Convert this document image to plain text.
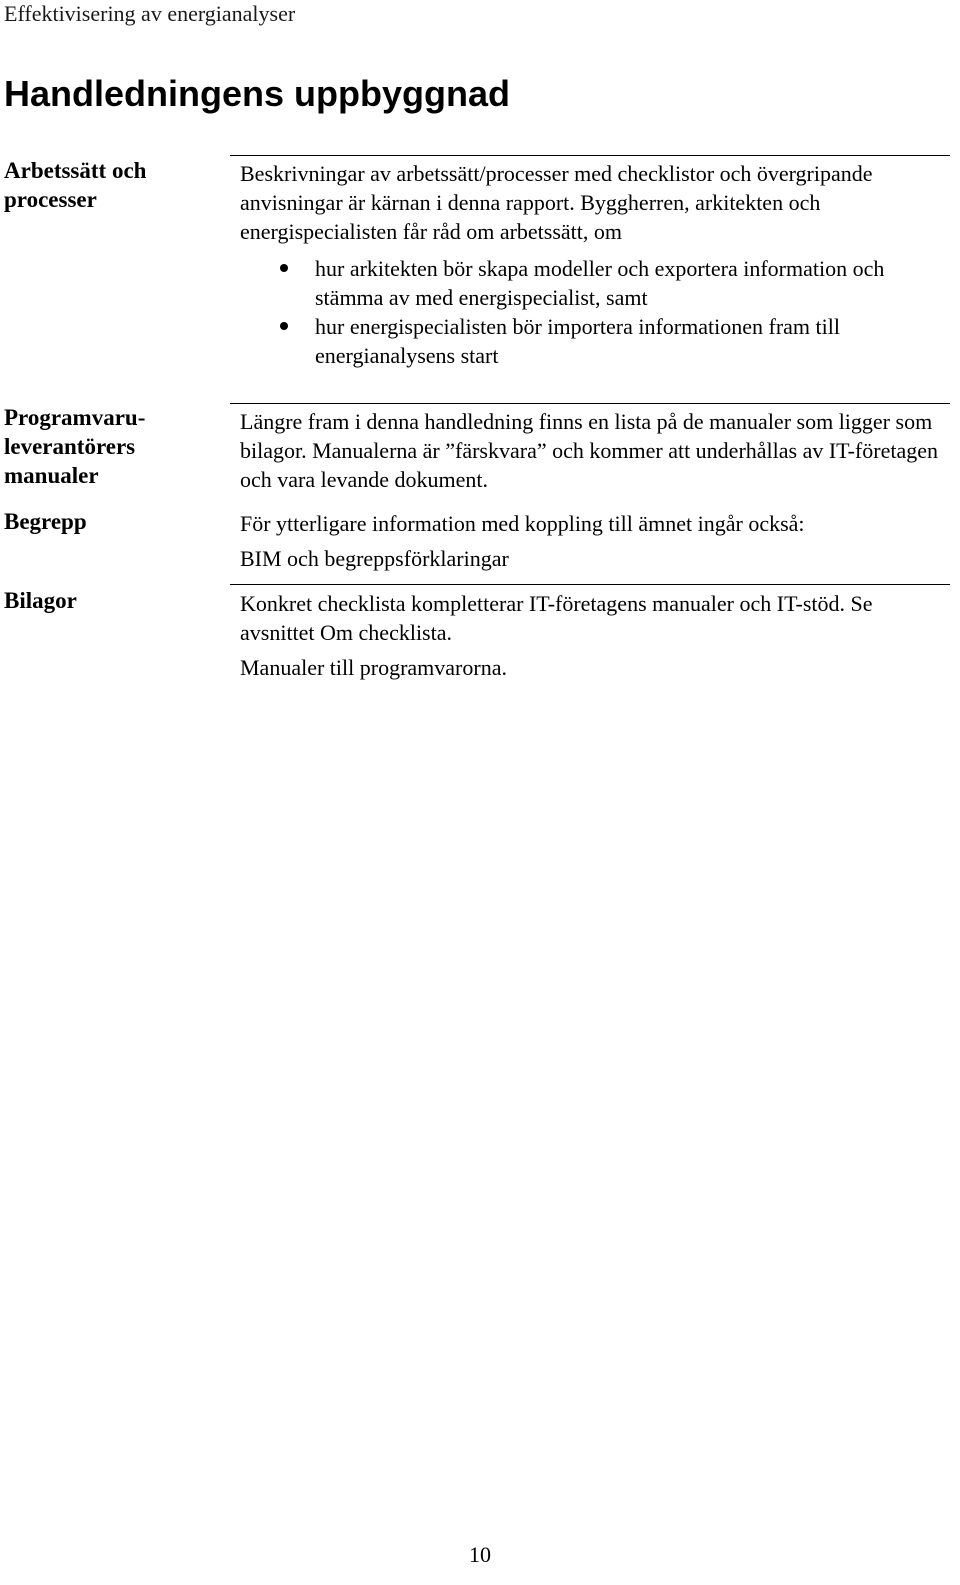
Effektivisering av energianalyser
Handledningens uppbyggnad
Arbetssätt och
processer

Beskrivningar av arbetssätt/processer med checklistor och övergripande anvisningar är kärnan i denna rapport. Byggherren, arkitekten och energispecialisten får råd om arbetssätt, om

hur arkitekten bör skapa modeller och exportera information och stämma av med energispecialist, samt
hur energispecialisten bör importera informationen fram till energianalysens start
Programvaru-
leverantörers
manualer

Längre fram i denna handledning finns en lista på de manualer som ligger som bilagor. Manualerna är ”färskvara” och kommer att underhållas av IT-företagen och vara levande dokument.

Begrepp	För ytterligare information med koppling till ämnet ingår också:

BIM och begreppsförklaringar

Bilagor	Konkret checklista kompletterar IT-företagens manualer och IT-stöd. Se avsnittet Om checklista.

Manualer till programvarorna.

10
